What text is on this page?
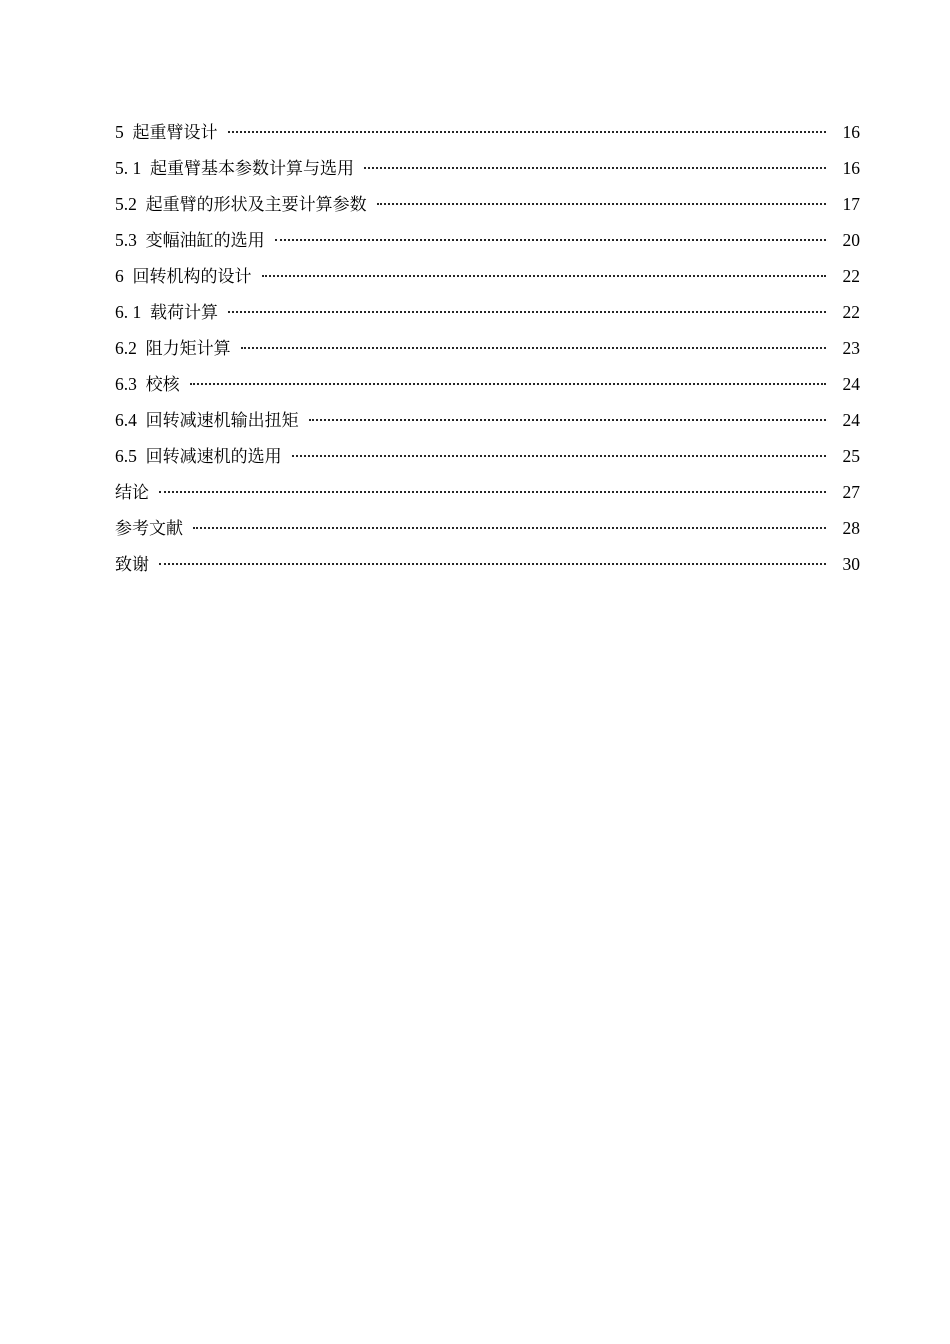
5 起重臂设计	16
5. 1 起重臂基本参数计算与选用	16
5.2 起重臂的形状及主要计算参数	17
5.3 变幅油缸的选用	20
6 回转机构的设计	22
6. 1 载荷计算	22
6.2 阻力矩计算	23
6.3 校核	24
6.4 回转减速机输出扭矩	24
6.5 回转减速机的选用	25
结论	27
参考文献	28
致谢	30
